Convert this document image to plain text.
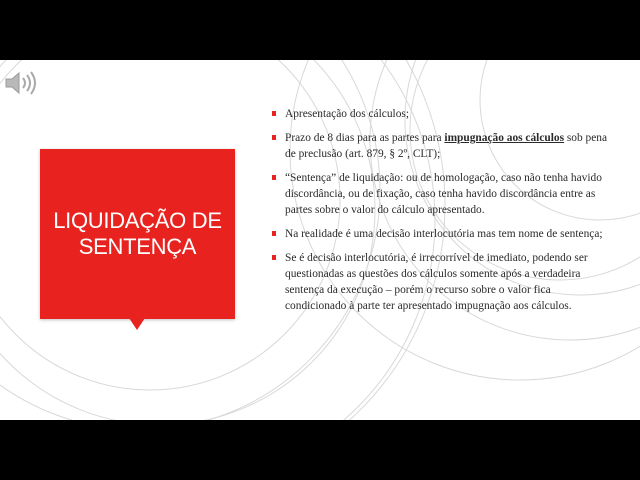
LIQUIDAÇÃO DE
SENTENÇA
Apresentação dos cálculos;
Prazo de 8 dias para as partes para impugnação aos cálculos sob pena de preclusão (art. 879, § 2º, CLT);
“Sentença” de liquidação: ou de homologação, caso não tenha havido discordância, ou de fixação, caso tenha havido discordância entre as partes sobre o valor do cálculo apresentado.
Na realidade é uma decisão interlocutória mas tem nome de sentença;
Se é decisão interlocutória, é irrecorrível de imediato, podendo ser questionadas as questões dos cálculos somente após a verdadeira sentença da execução – porém o recurso sobre o valor fica condicionado à parte ter apresentado impugnação aos cálculos.
